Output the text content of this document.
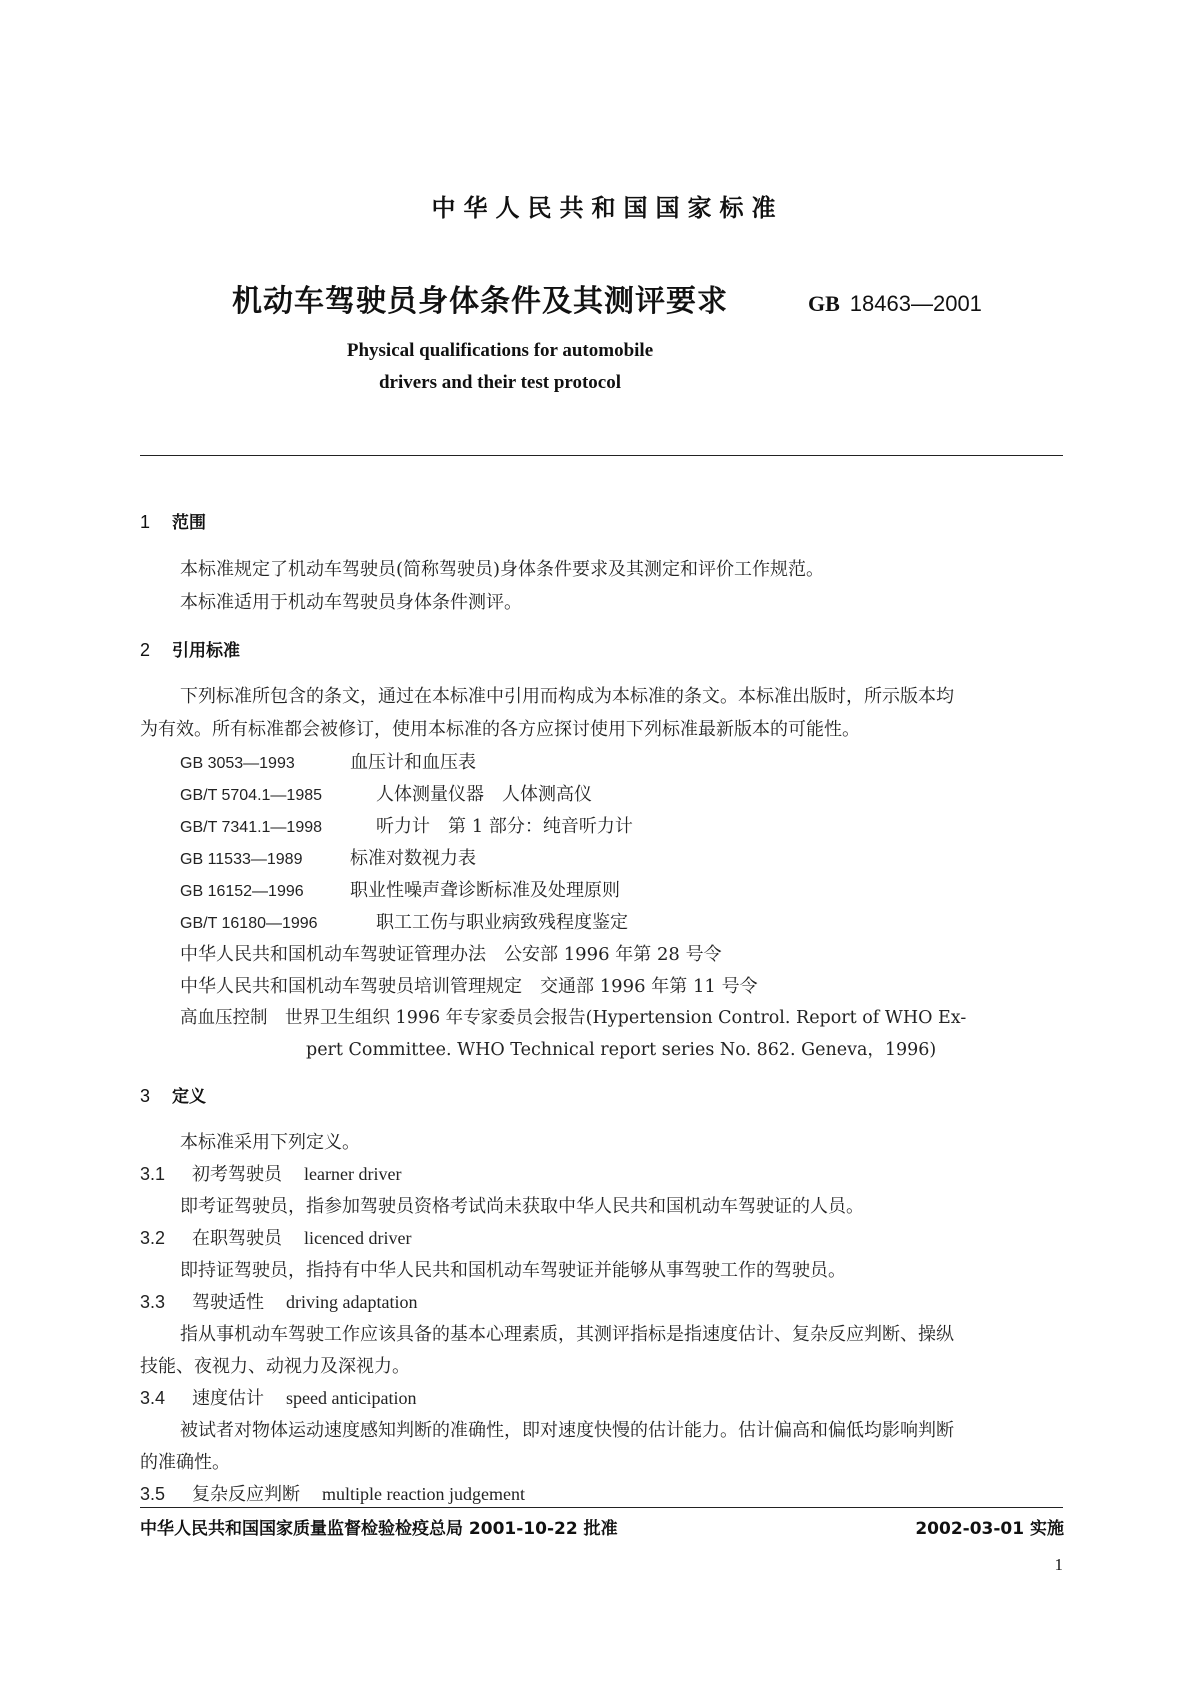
中华人民共和国国家标准
机动车驾驶员身体条件及其测评要求	GB 18463—2001
Physical qualifications for automobile
drivers and their test protocol
1 范围
本标准规定了机动车驾驶员(简称驾驶员)身体条件要求及其测定和评价工作规范。
本标准适用于机动车驾驶员身体条件测评。
2 引用标准
下列标准所包含的条文，通过在本标准中引用而构成为本标准的条文。本标准出版时，所示版本均
为有效。所有标准都会被修订，使用本标准的各方应探讨使用下列标准最新版本的可能性。
GB 3053—1993	血压计和血压表
GB/T 5704.1—1985	人体测量仪器　人体测高仪
GB/T 7341.1—1998	听力计　第 1 部分：纯音听力计
GB 11533—1989	标准对数视力表
GB 16152—1996	职业性噪声聋诊断标准及处理原则
GB/T 16180—1996	职工工伤与职业病致残程度鉴定
中华人民共和国机动车驾驶证管理办法　公安部 1996 年第 28 号令
中华人民共和国机动车驾驶员培训管理规定　交通部 1996 年第 11 号令
高血压控制　世界卫生组织 1996 年专家委员会报告(Hypertension Control. Report of WHO Ex-
pert Committee. WHO Technical report series No. 862. Geneva，1996)
3 定义
本标准采用下列定义。
3.1 初考驾驶员 learner driver
即考证驾驶员，指参加驾驶员资格考试尚未获取中华人民共和国机动车驾驶证的人员。
3.2 在职驾驶员 licenced driver
即持证驾驶员，指持有中华人民共和国机动车驾驶证并能够从事驾驶工作的驾驶员。
3.3 驾驶适性 driving adaptation
指从事机动车驾驶工作应该具备的基本心理素质，其测评指标是指速度估计、复杂反应判断、操纵
技能、夜视力、动视力及深视力。
3.4 速度估计 speed anticipation
被试者对物体运动速度感知判断的准确性，即对速度快慢的估计能力。估计偏高和偏低均影响判断
的准确性。
3.5 复杂反应判断 multiple reaction judgement
中华人民共和国国家质量监督检验检疫总局 2001-10-22 批准	2002-03-01 实施
1
